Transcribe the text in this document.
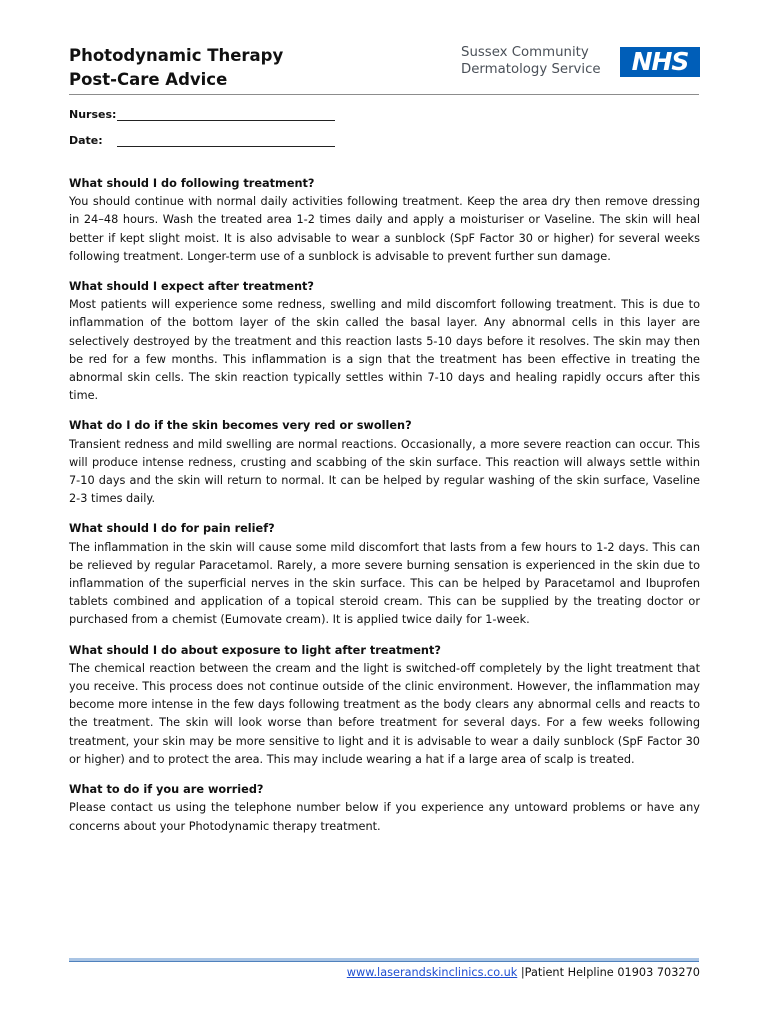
Photodynamic Therapy
Post-Care Advice
Sussex Community
Dermatology Service	NHS
Nurses:
Date:
What should I do following treatment?

You should continue with normal daily activities following treatment. Keep the area dry then remove dressing in 24–48 hours. Wash the treated area 1-2 times daily and apply a moisturiser or Vaseline. The skin will heal better if kept slight moist. It is also advisable to wear a sunblock (SpF Factor 30 or higher) for several weeks following treatment. Longer-term use of a sunblock is advisable to prevent further sun damage.

What should I expect after treatment?

Most patients will experience some redness, swelling and mild discomfort following treatment. This is due to inflammation of the bottom layer of the skin called the basal layer. Any abnormal cells in this layer are selectively destroyed by the treatment and this reaction lasts 5-10 days before it resolves. The skin may then be red for a few months. This inflammation is a sign that the treatment has been effective in treating the abnormal skin cells. The skin reaction typically settles within 7-10 days and healing rapidly occurs after this time.

What do I do if the skin becomes very red or swollen?

Transient redness and mild swelling are normal reactions. Occasionally, a more severe reaction can occur. This will produce intense redness, crusting and scabbing of the skin surface. This reaction will always settle within 7-10 days and the skin will return to normal. It can be helped by regular washing of the skin surface, Vaseline 2-3 times daily.

What should I do for pain relief?

The inflammation in the skin will cause some mild discomfort that lasts from a few hours to 1-2 days. This can be relieved by regular Paracetamol. Rarely, a more severe burning sensation is experienced in the skin due to inflammation of the superficial nerves in the skin surface. This can be helped by Paracetamol and Ibuprofen tablets combined and application of a topical steroid cream. This can be supplied by the treating doctor or purchased from a chemist (Eumovate cream). It is applied twice daily for 1-week.

What should I do about exposure to light after treatment?

The chemical reaction between the cream and the light is switched-off completely by the light treatment that you receive. This process does not continue outside of the clinic environment. However, the inflammation may become more intense in the few days following treatment as the body clears any abnormal cells and reacts to the treatment. The skin will look worse than before treatment for several days. For a few weeks following treatment, your skin may be more sensitive to light and it is advisable to wear a daily sunblock (SpF Factor 30 or higher) and to protect the area. This may include wearing a hat if a large area of scalp is treated.

What to do if you are worried?

Please contact us using the telephone number below if you experience any untoward problems or have any concerns about your Photodynamic therapy treatment.

www.laserandskinclinics.co.uk |Patient Helpline 01903 703270
